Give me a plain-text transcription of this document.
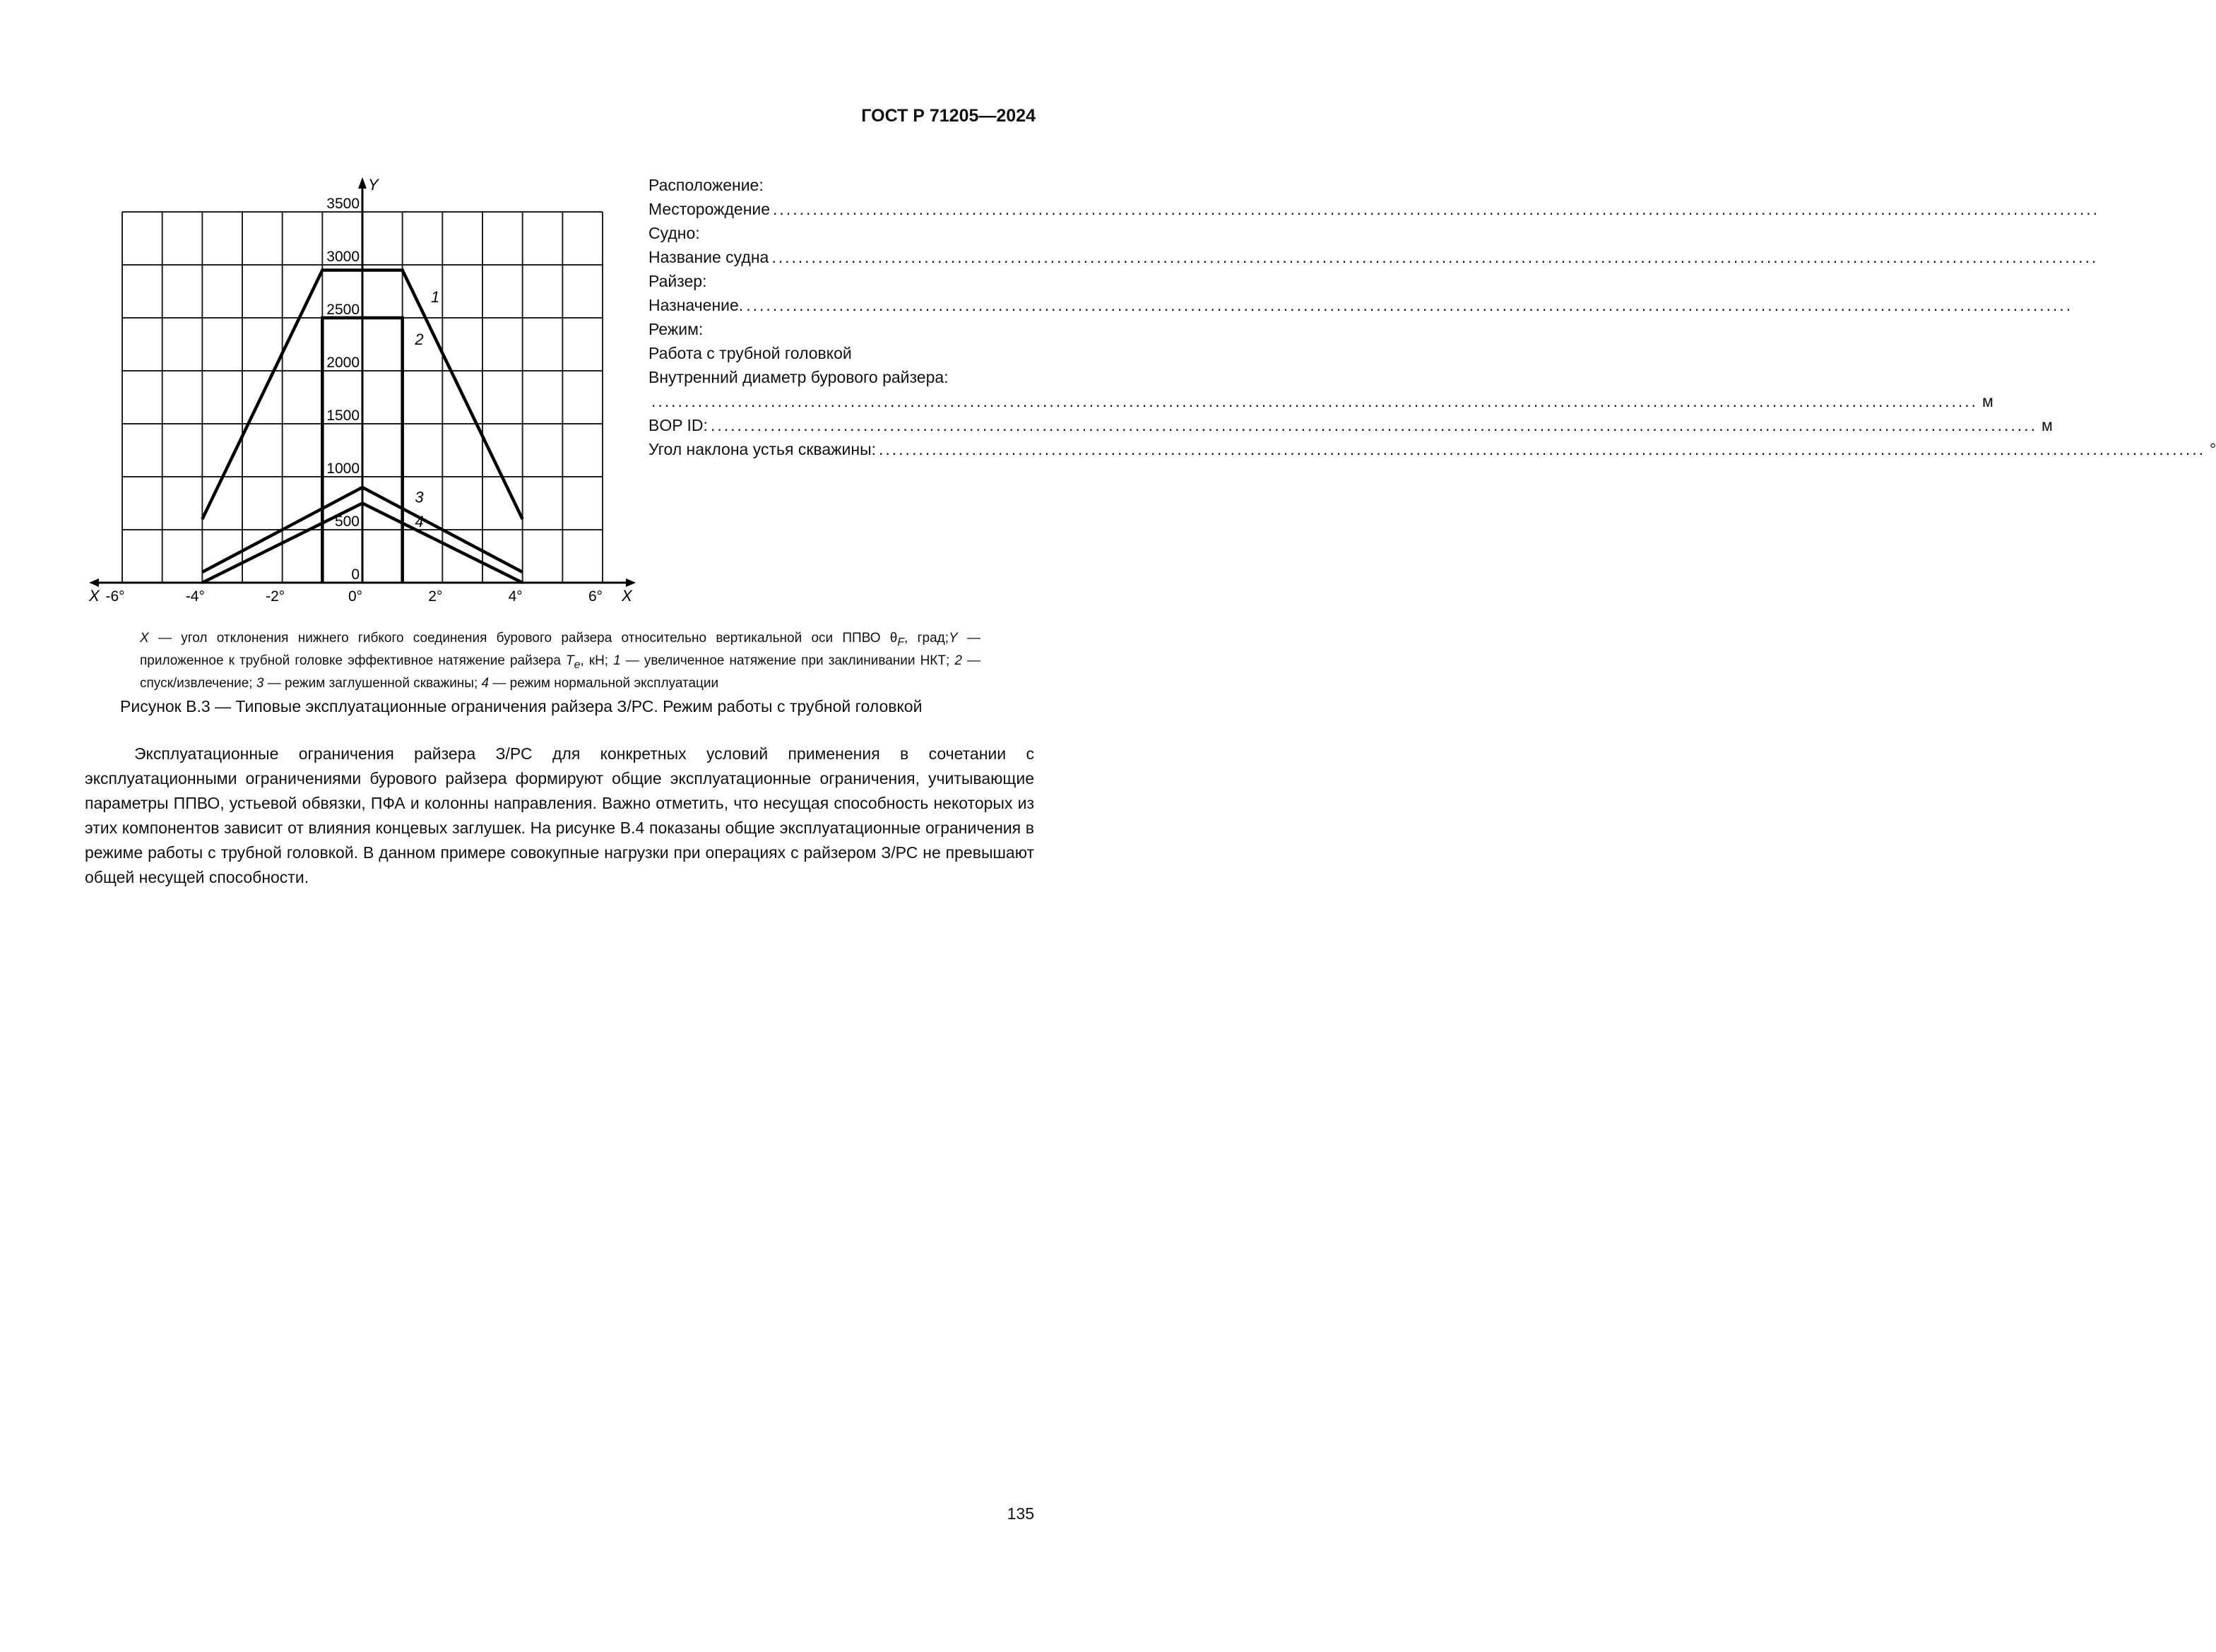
ГОСТ Р 71205—2024
1
2
3
4
0
500
1000
1500
2000
2500
3000
3500
-6°	-4°	-2°	0°	2°	4°	6°
X	X
Y	Расположение:
Месторождение ........................................................................................................................................................................................................
Судно:
Название судна ........................................................................................................................................................................................................
Райзер:
Назначение. ........................................................................................................................................................................................................
Режим:
Работа с трубной головкой
Внутренний диаметр бурового райзера:
........................................................................................................................................................................................................ м
BOP ID: ........................................................................................................................................................................................................ м
Угол наклона устья скважины: ........................................................................................................................................................................................................ °
X — угол отклонения нижнего гибкого соединения бурового райзера относительно вертикальной оси ППВО $\theta_F$, град;Y — приложенное к трубной головке эффективное натяжение райзера $T_e$, кН; 1 — увеличенное натяжение при заклинивании НКТ; 2 — спуск/извлечение; 3 — режим заглушенной скважины; 4 — режим нормальной эксплуатации
Рисунок В.3 — Типовые эксплуатационные ограничения райзера З/РС. Режим работы с трубной головкой

Эксплуатационные ограничения райзера З/РС для конкретных условий применения в сочетании с эксплуатационными ограничениями бурового райзера формируют общие эксплуатационные ограничения, учитывающие параметры ППВО, устьевой обвязки, ПФА и колонны направления. Важно отметить, что несущая способность некоторых из этих компонентов зависит от влияния концевых заглушек. На рисунке В.4 показаны общие эксплуатационные ограничения в режиме работы с трубной головкой. В данном примере совокупные нагрузки при операциях с райзером З/РС не превышают общей несущей способности.

135
